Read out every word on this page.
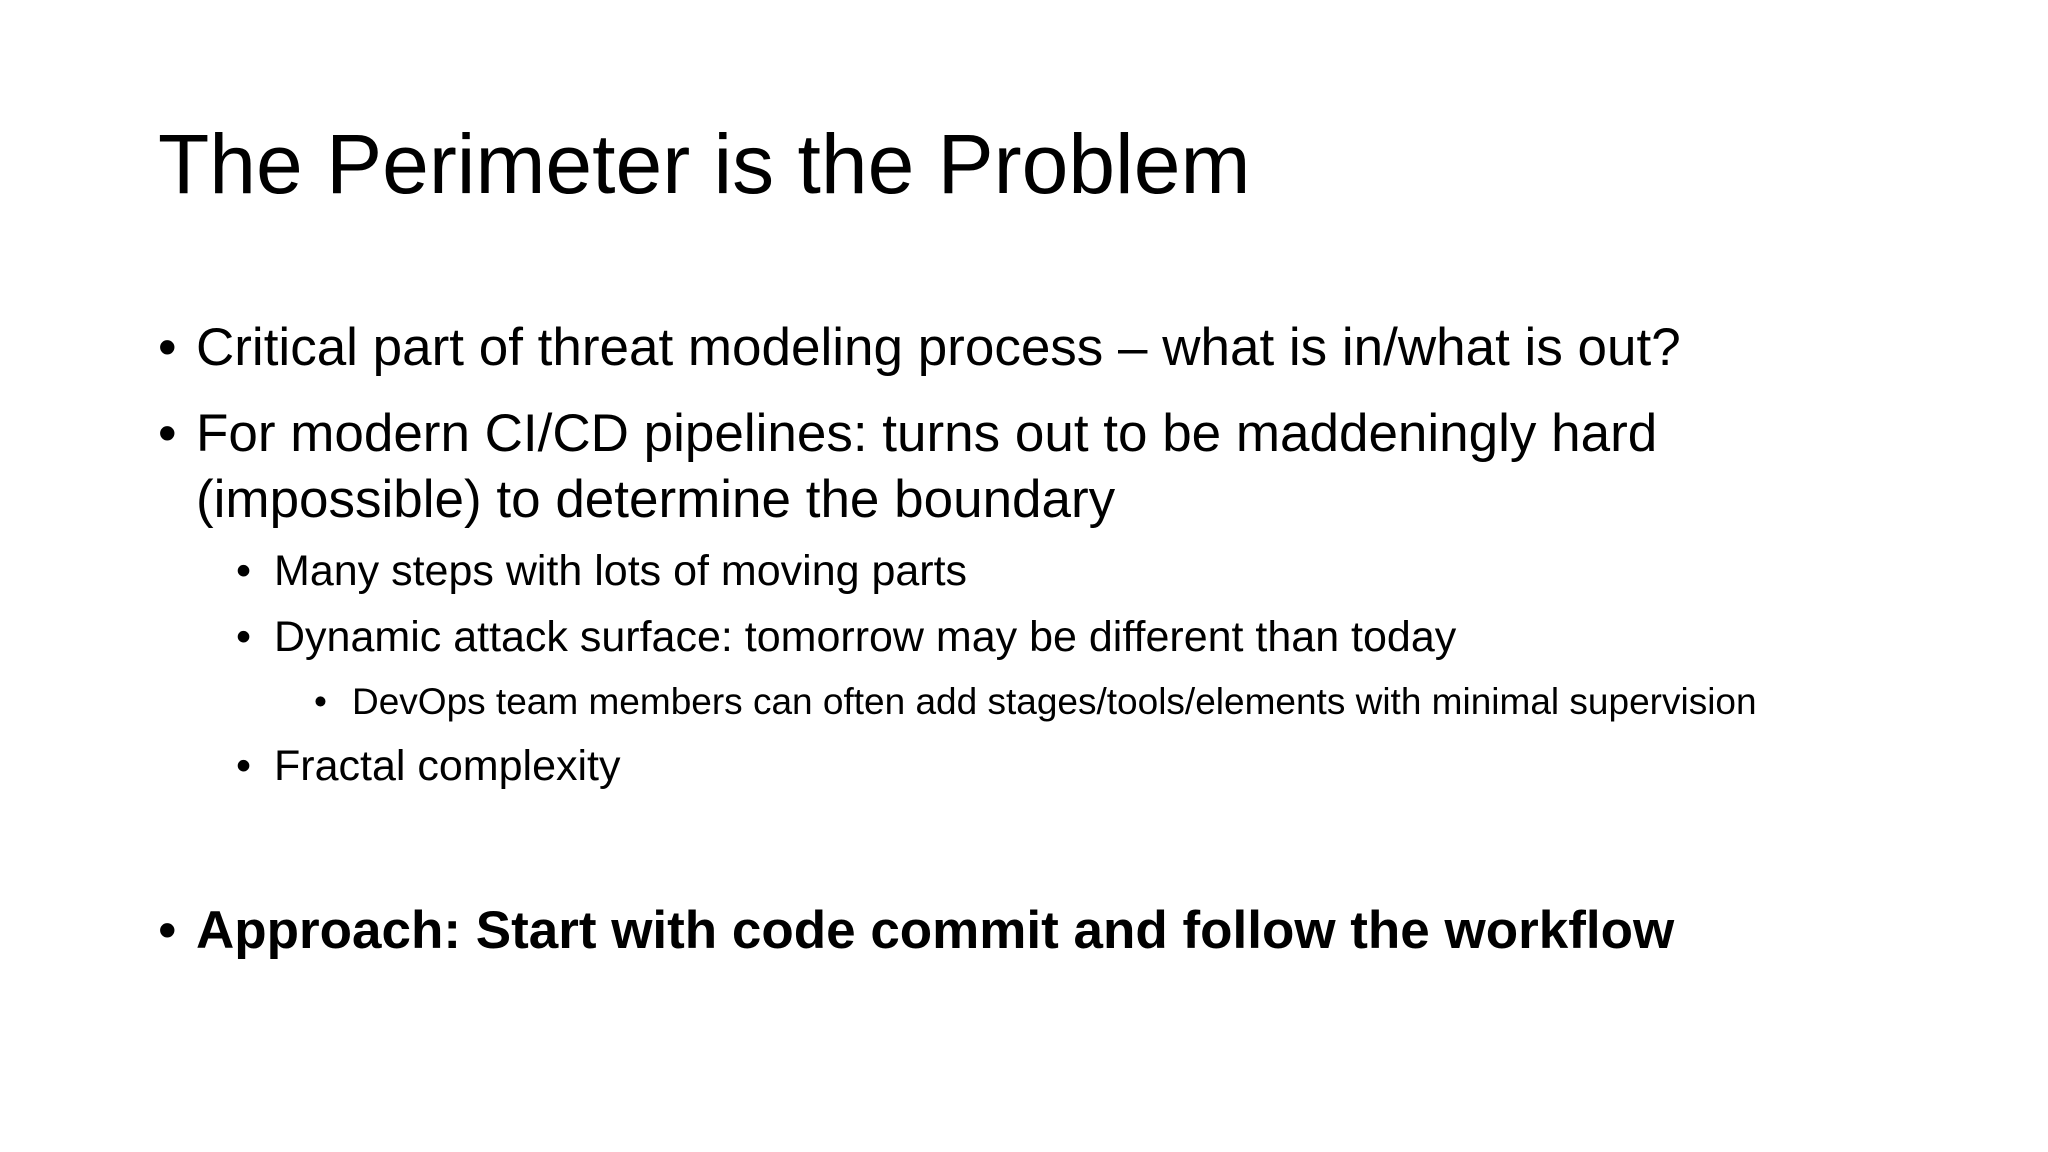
The Perimeter is the Problem
• Critical part of threat modeling process – what is in/what is out?
• For modern CI/CD pipelines: turns out to be maddeningly hard
(impossible) to determine the boundary
• Many steps with lots of moving parts
• Dynamic attack surface: tomorrow may be different than today
• DevOps team members can often add stages/tools/elements with minimal supervision
• Fractal complexity
• Approach: Start with code commit and follow the workflow
